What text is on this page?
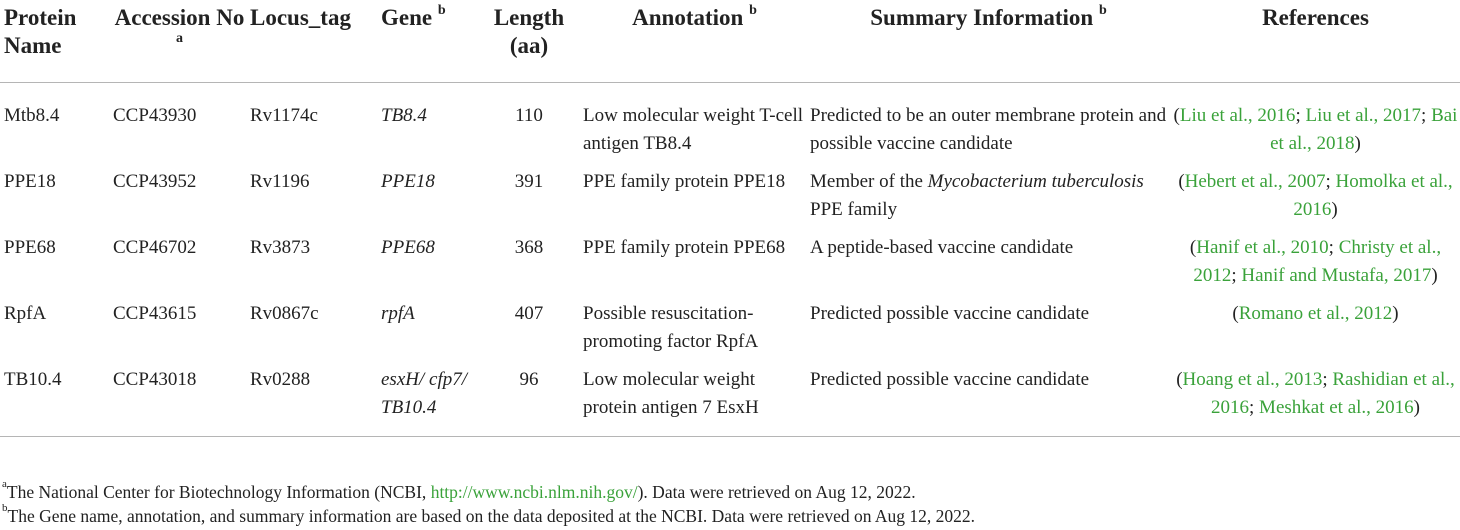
Protein Name	Accession No $^a$	Locus_tag	Gene $^b$	Length (aa)	Annotation $^b$	Summary Information $^b$	References
Mtb8.4	CCP43930	Rv1174c	TB8.4	110	Low molecular weight T-cell antigen TB8.4	Predicted to be an outer membrane protein and possible vaccine candidate	(Liu et al., 2016; Liu et al., 2017; Bai et al., 2018)
PPE18	CCP43952	Rv1196	PPE18	391	PPE family protein PPE18	Member of the Mycobacterium tuberculosis PPE family	(Hebert et al., 2007; Homolka et al., 2016)
PPE68	CCP46702	Rv3873	PPE68	368	PPE family protein PPE68	A peptide-based vaccine candidate	(Hanif et al., 2010; Christy et al., 2012; Hanif and Mustafa, 2017)
RpfA	CCP43615	Rv0867c	rpfA	407	Possible resuscitation-promoting factor RpfA	Predicted possible vaccine candidate	(Romano et al., 2012)
TB10.4	CCP43018	Rv0288	esxH/ cfp7/ TB10.4	96	Low molecular weight protein antigen 7 EsxH	Predicted possible vaccine candidate	(Hoang et al., 2013; Rashidian et al., 2016; Meshkat et al., 2016)

$^a$The National Center for Biotechnology Information (NCBI, http://www.ncbi.nlm.nih.gov/). Data were retrieved on Aug 12, 2022.

$^b$The Gene name, annotation, and summary information are based on the data deposited at the NCBI. Data were retrieved on Aug 12, 2022.
